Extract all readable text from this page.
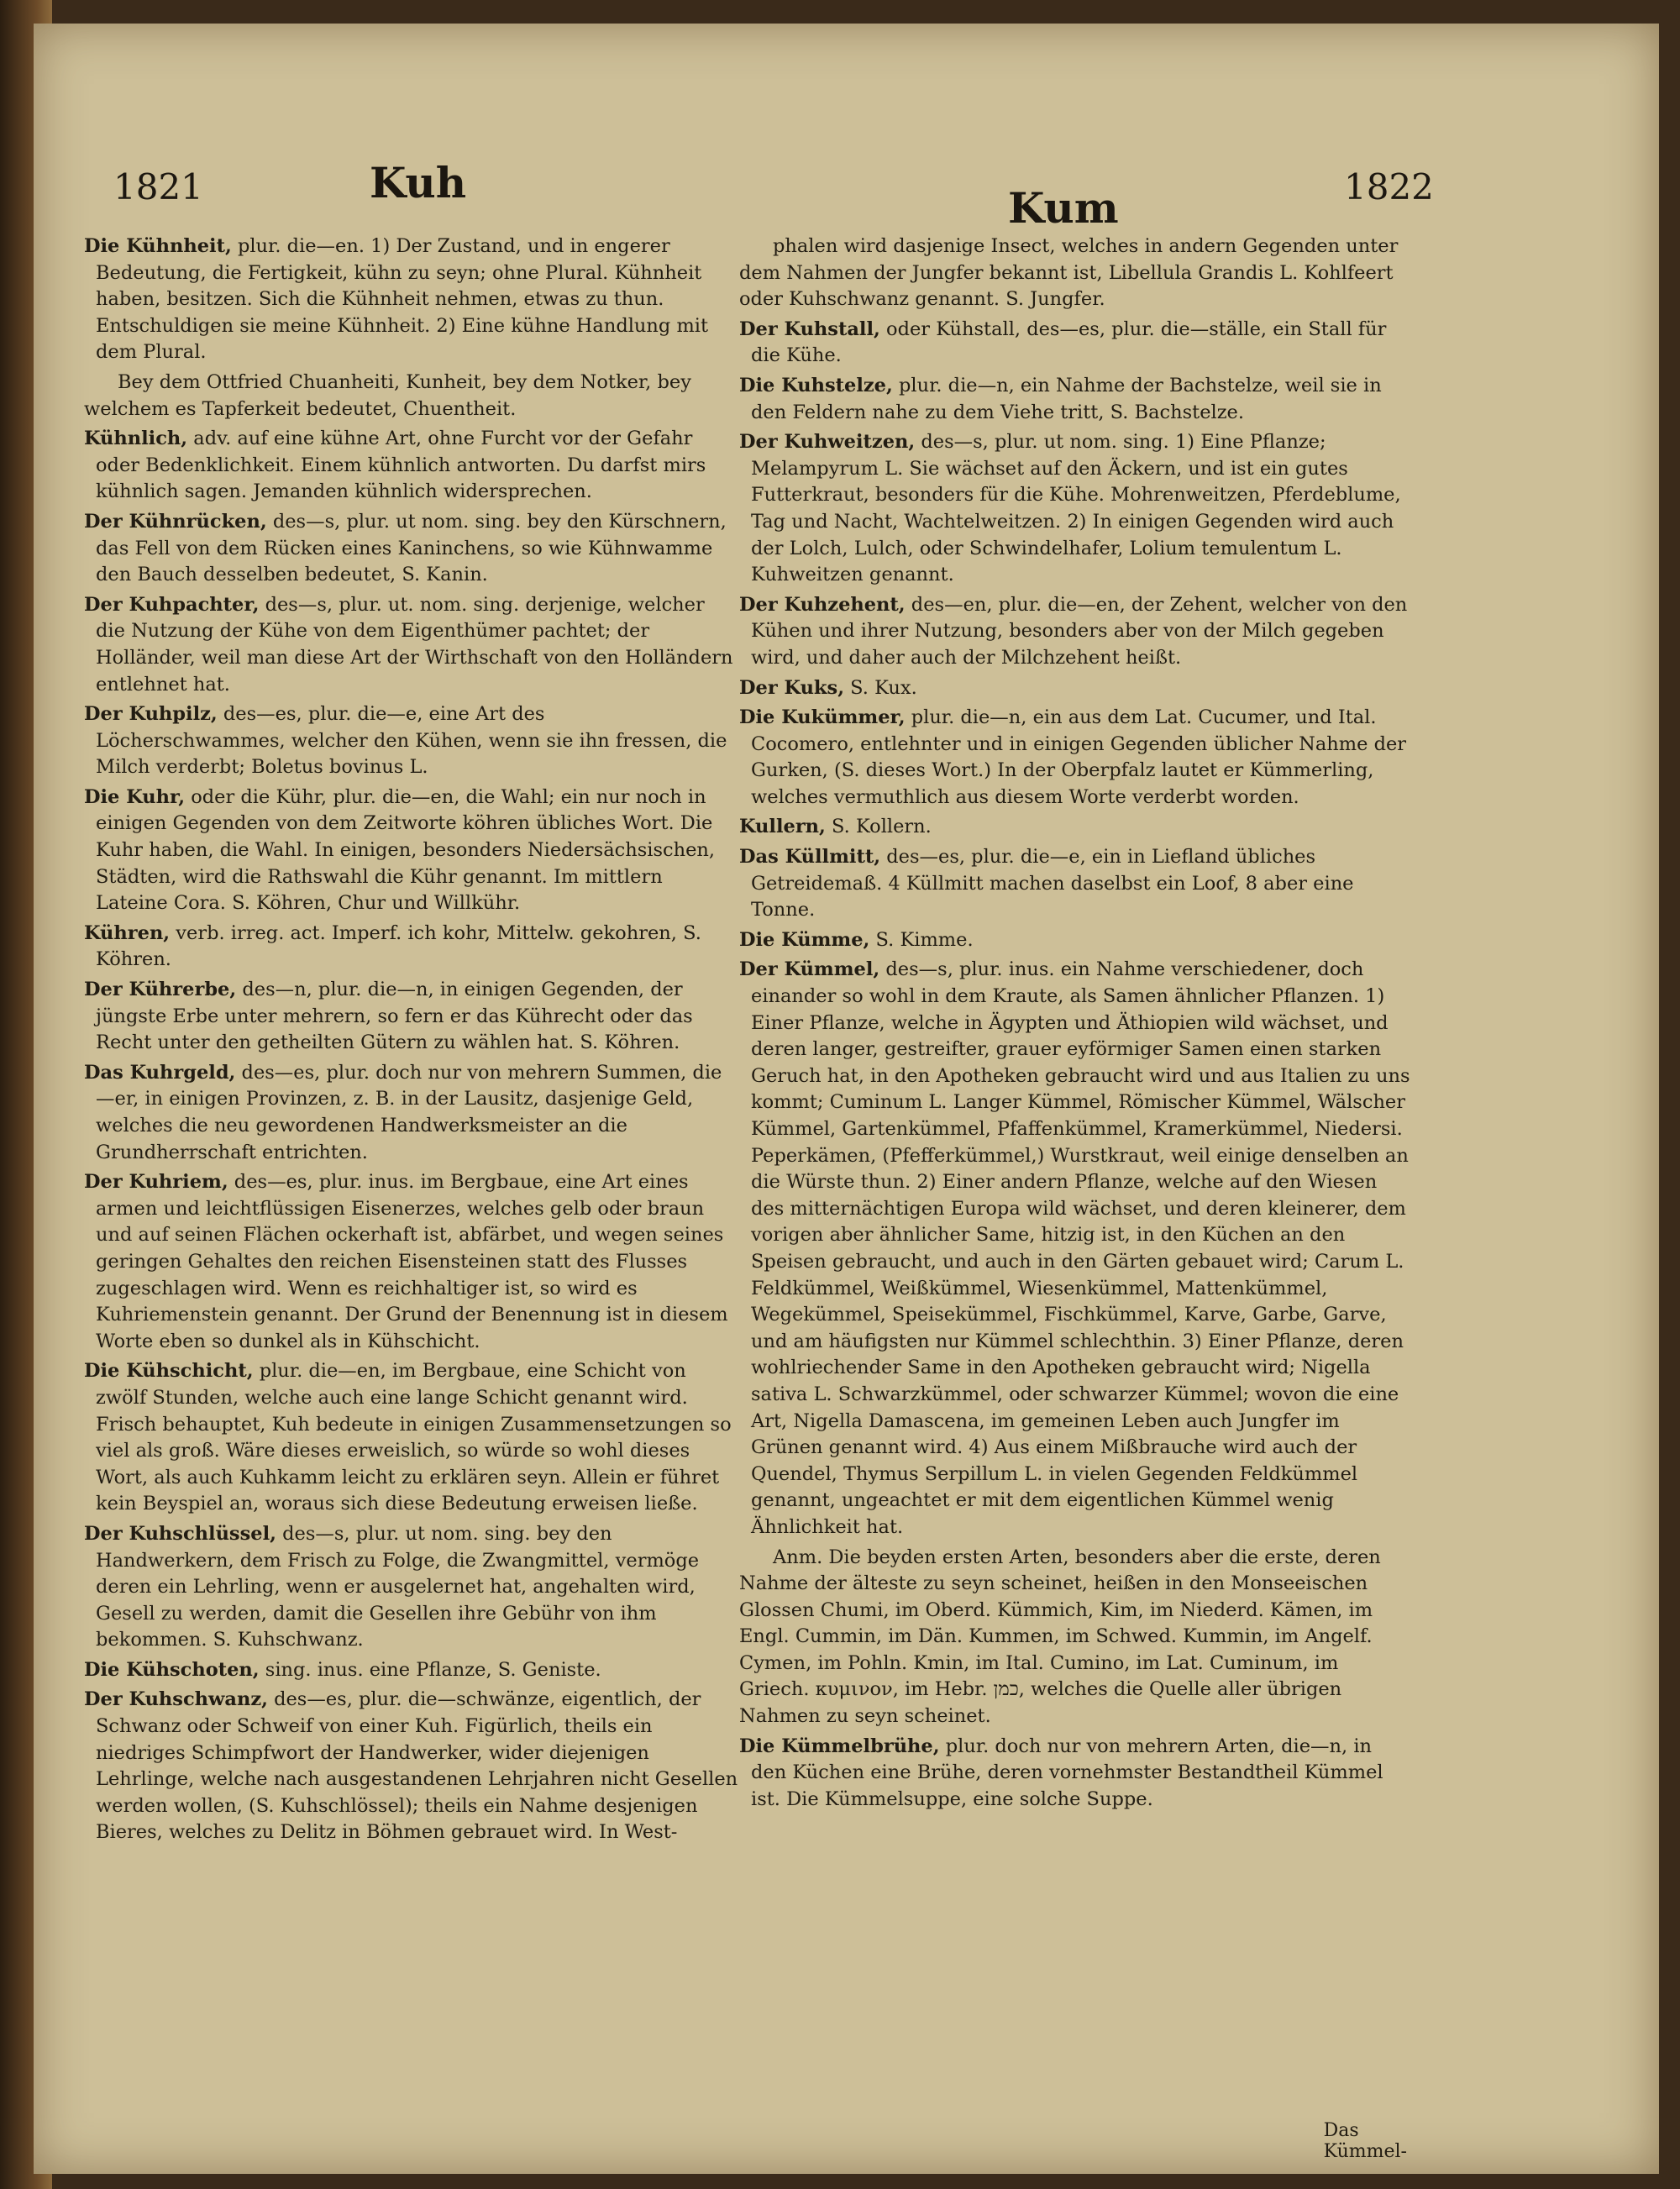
1821	Kuh
Kum	1822

Die Kühnheit, plur. die—en. 1) Der Zustand, und in engerer Bedeutung, die Fertigkeit, kühn zu seyn; ohne Plural. Kühnheit haben, besitzen. Sich die Kühnheit nehmen, etwas zu thun. Entschuldigen sie meine Kühnheit. 2) Eine kühne Handlung mit dem Plural.

Bey dem Ottfried Chuanheiti, Kunheit, bey dem Notker, bey welchem es Tapferkeit bedeutet, Chuentheit.

Kühnlich, adv. auf eine kühne Art, ohne Furcht vor der Gefahr oder Bedenklichkeit. Einem kühnlich antworten. Du darfst mirs kühnlich sagen. Jemanden kühnlich widersprechen.

Der Kühnrücken, des—s, plur. ut nom. sing. bey den Kürschnern, das Fell von dem Rücken eines Kaninchens, so wie Kühnwamme den Bauch desselben bedeutet, S. Kanin.

Der Kuhpachter, des—s, plur. ut. nom. sing. derjenige, welcher die Nutzung der Kühe von dem Eigenthümer pachtet; der Holländer, weil man diese Art der Wirthschaft von den Holländern entlehnet hat.

Der Kuhpilz, des—es, plur. die—e, eine Art des Löcherschwammes, welcher den Kühen, wenn sie ihn fressen, die Milch verderbt; Boletus bovinus L.

Die Kuhr, oder die Kühr, plur. die—en, die Wahl; ein nur noch in einigen Gegenden von dem Zeitworte köhren übliches Wort. Die Kuhr haben, die Wahl. In einigen, besonders Niedersächsischen, Städten, wird die Rathswahl die Kühr genannt. Im mittlern Lateine Cora. S. Köhren, Chur und Willkühr.

Kühren, verb. irreg. act. Imperf. ich kohr, Mittelw. gekohren, S. Köhren.

Der Kührerbe, des—n, plur. die—n, in einigen Gegenden, der jüngste Erbe unter mehrern, so fern er das Kührecht oder das Recht unter den getheilten Gütern zu wählen hat. S. Köhren.

Das Kuhrgeld, des—es, plur. doch nur von mehrern Summen, die—er, in einigen Provinzen, z. B. in der Lausitz, dasjenige Geld, welches die neu gewordenen Handwerksmeister an die Grundherrschaft entrichten.

Der Kuhriem, des—es, plur. inus. im Bergbaue, eine Art eines armen und leichtflüssigen Eisenerzes, welches gelb oder braun und auf seinen Flächen ockerhaft ist, abfärbet, und wegen seines geringen Gehaltes den reichen Eisensteinen statt des Flusses zugeschlagen wird. Wenn es reichhaltiger ist, so wird es Kuhriemenstein genannt. Der Grund der Benennung ist in diesem Worte eben so dunkel als in Kühschicht.

Die Kühschicht, plur. die—en, im Bergbaue, eine Schicht von zwölf Stunden, welche auch eine lange Schicht genannt wird. Frisch behauptet, Kuh bedeute in einigen Zusammensetzungen so viel als groß. Wäre dieses erweislich, so würde so wohl dieses Wort, als auch Kuhkamm leicht zu erklären seyn. Allein er führet kein Beyspiel an, woraus sich diese Bedeutung erweisen ließe.

Der Kuhschlüssel, des—s, plur. ut nom. sing. bey den Handwerkern, dem Frisch zu Folge, die Zwangmittel, vermöge deren ein Lehrling, wenn er ausgelernet hat, angehalten wird, Gesell zu werden, damit die Gesellen ihre Gebühr von ihm bekommen. S. Kuhschwanz.

Die Kühschoten, sing. inus. eine Pflanze, S. Geniste.

Der Kuhschwanz, des—es, plur. die—schwänze, eigentlich, der Schwanz oder Schweif von einer Kuh. Figürlich, theils ein niedriges Schimpfwort der Handwerker, wider diejenigen Lehrlinge, welche nach ausgestandenen Lehrjahren nicht Gesellen werden wollen, (S. Kuhschlössel); theils ein Nahme desjenigen Bieres, welches zu Delitz in Böhmen gebrauet wird. In West-

phalen wird dasjenige Insect, welches in andern Gegenden unter dem Nahmen der Jungfer bekannt ist, Libellula Grandis L. Kohlfeert oder Kuhschwanz genannt. S. Jungfer.

Der Kuhstall, oder Kühstall, des—es, plur. die—ställe, ein Stall für die Kühe.

Die Kuhstelze, plur. die—n, ein Nahme der Bachstelze, weil sie in den Feldern nahe zu dem Viehe tritt, S. Bachstelze.

Der Kuhweitzen, des—s, plur. ut nom. sing. 1) Eine Pflanze; Melampyrum L. Sie wächset auf den Äckern, und ist ein gutes Futterkraut, besonders für die Kühe. Mohrenweitzen, Pferdeblume, Tag und Nacht, Wachtelweitzen. 2) In einigen Gegenden wird auch der Lolch, Lulch, oder Schwindelhafer, Lolium temulentum L. Kuhweitzen genannt.

Der Kuhzehent, des—en, plur. die—en, der Zehent, welcher von den Kühen und ihrer Nutzung, besonders aber von der Milch gegeben wird, und daher auch der Milchzehent heißt.

Der Kuks, S. Kux.

Die Kukümmer, plur. die—n, ein aus dem Lat. Cucumer, und Ital. Cocomero, entlehnter und in einigen Gegenden üblicher Nahme der Gurken, (S. dieses Wort.) In der Oberpfalz lautet er Kümmerling, welches vermuthlich aus diesem Worte verderbt worden.

Kullern, S. Kollern.

Das Küllmitt, des—es, plur. die—e, ein in Liefland übliches Getreidemaß. 4 Küllmitt machen daselbst ein Loof, 8 aber eine Tonne.

Die Kümme, S. Kimme.

Der Kümmel, des—s, plur. inus. ein Nahme verschiedener, doch einander so wohl in dem Kraute, als Samen ähnlicher Pflanzen. 1) Einer Pflanze, welche in Ägypten und Äthiopien wild wächset, und deren langer, gestreifter, grauer eyförmiger Samen einen starken Geruch hat, in den Apotheken gebraucht wird und aus Italien zu uns kommt; Cuminum L. Langer Kümmel, Römischer Kümmel, Wälscher Kümmel, Gartenkümmel, Pfaffenkümmel, Kramerkümmel, Niedersi. Peperkämen, (Pfefferkümmel,) Wurstkraut, weil einige denselben an die Würste thun. 2) Einer andern Pflanze, welche auf den Wiesen des mitternächtigen Europa wild wächset, und deren kleinerer, dem vorigen aber ähnlicher Same, hitzig ist, in den Küchen an den Speisen gebraucht, und auch in den Gärten gebauet wird; Carum L. Feldkümmel, Weißkümmel, Wiesenkümmel, Mattenkümmel, Wegekümmel, Speisekümmel, Fischkümmel, Karve, Garbe, Garve, und am häufigsten nur Kümmel schlechthin. 3) Einer Pflanze, deren wohlriechender Same in den Apotheken gebraucht wird; Nigella sativa L. Schwarzkümmel, oder schwarzer Kümmel; wovon die eine Art, Nigella Damascena, im gemeinen Leben auch Jungfer im Grünen genannt wird. 4) Aus einem Mißbrauche wird auch der Quendel, Thymus Serpillum L. in vielen Gegenden Feldkümmel genannt, ungeachtet er mit dem eigentlichen Kümmel wenig Ähnlichkeit hat.

Anm. Die beyden ersten Arten, besonders aber die erste, deren Nahme der älteste zu seyn scheinet, heißen in den Monseeischen Glossen Chumi, im Oberd. Kümmich, Kim, im Niederd. Kämen, im Engl. Cummin, im Dän. Kummen, im Schwed. Kummin, im Angelf. Cymen, im Pohln. Kmin, im Ital. Cumino, im Lat. Cuminum, im Griech. κυμινον, im Hebr. כמן, welches die Quelle aller übrigen Nahmen zu seyn scheinet.

Die Kümmelbrühe, plur. doch nur von mehrern Arten, die—n, in den Küchen eine Brühe, deren vornehmster Bestandtheil Kümmel ist. Die Kümmelsuppe, eine solche Suppe.

Das
Kümmel-
